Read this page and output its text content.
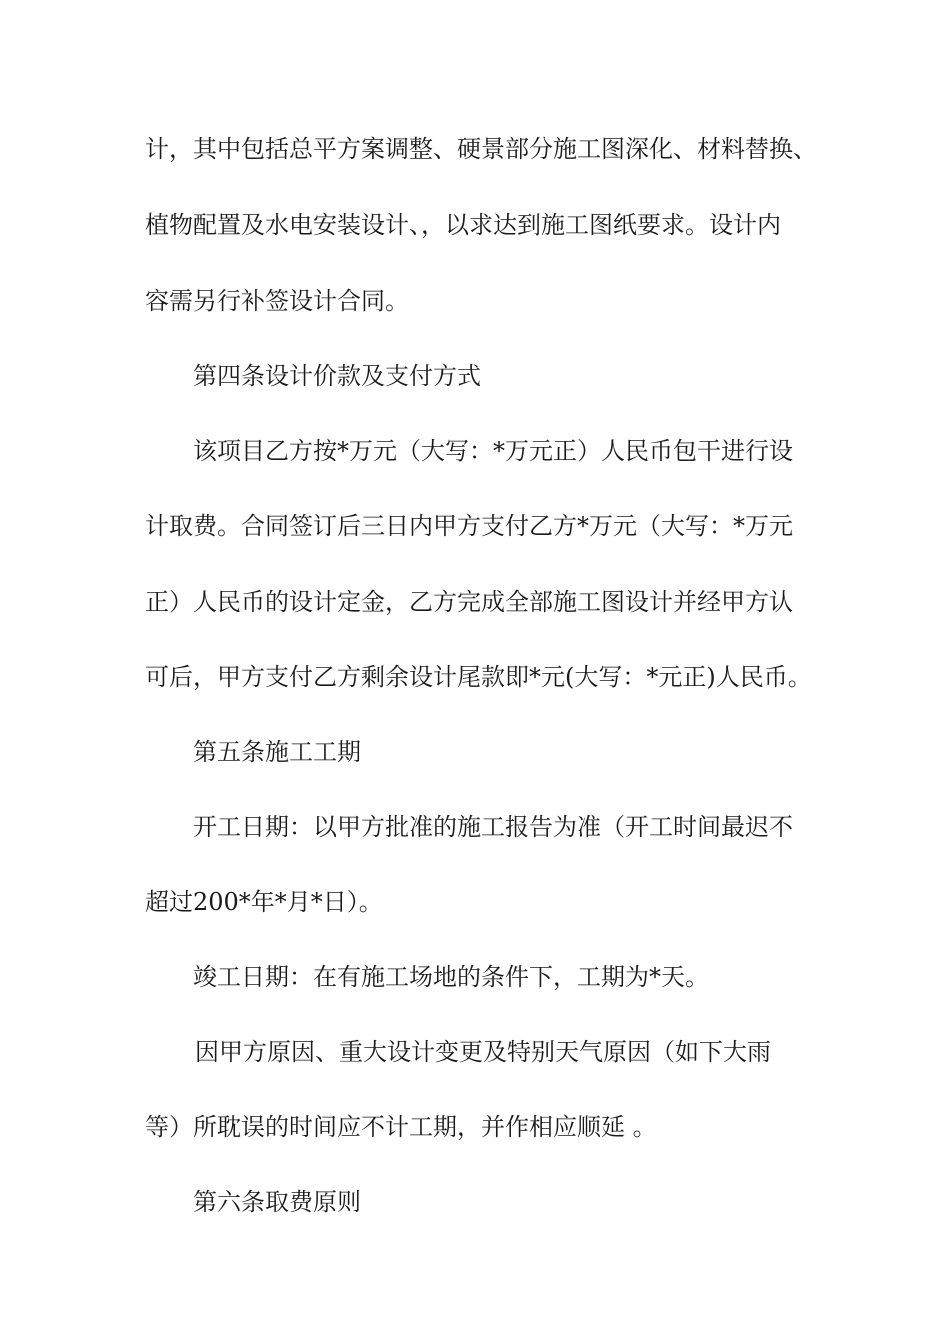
计，其中包括总平方案调整、硬景部分施工图深化、材料替换、
植物配置及水电安装设计、，以求达到施工图纸要求。设计内
容需另行补签设计合同。
第四条设计价款及支付方式
该项目乙方按*万元（大写：*万元正）人民币包干进行设
计取费。合同签订后三日内甲方支付乙方*万元（大写：*万元
正）人民币的设计定金，乙方完成全部施工图设计并经甲方认
可后，甲方支付乙方剩余设计尾款即*元(大写：*元正)人民币。
第五条施工工期
开工日期：以甲方批准的施工报告为准（开工时间最迟不
超过200*年*月*日）。
竣工日期：在有施工场地的条件下，工期为*天。
因甲方原因、重大设计变更及特别天气原因（如下大雨
等）所耽误的时间应不计工期，并作相应顺延 。
第六条取费原则
